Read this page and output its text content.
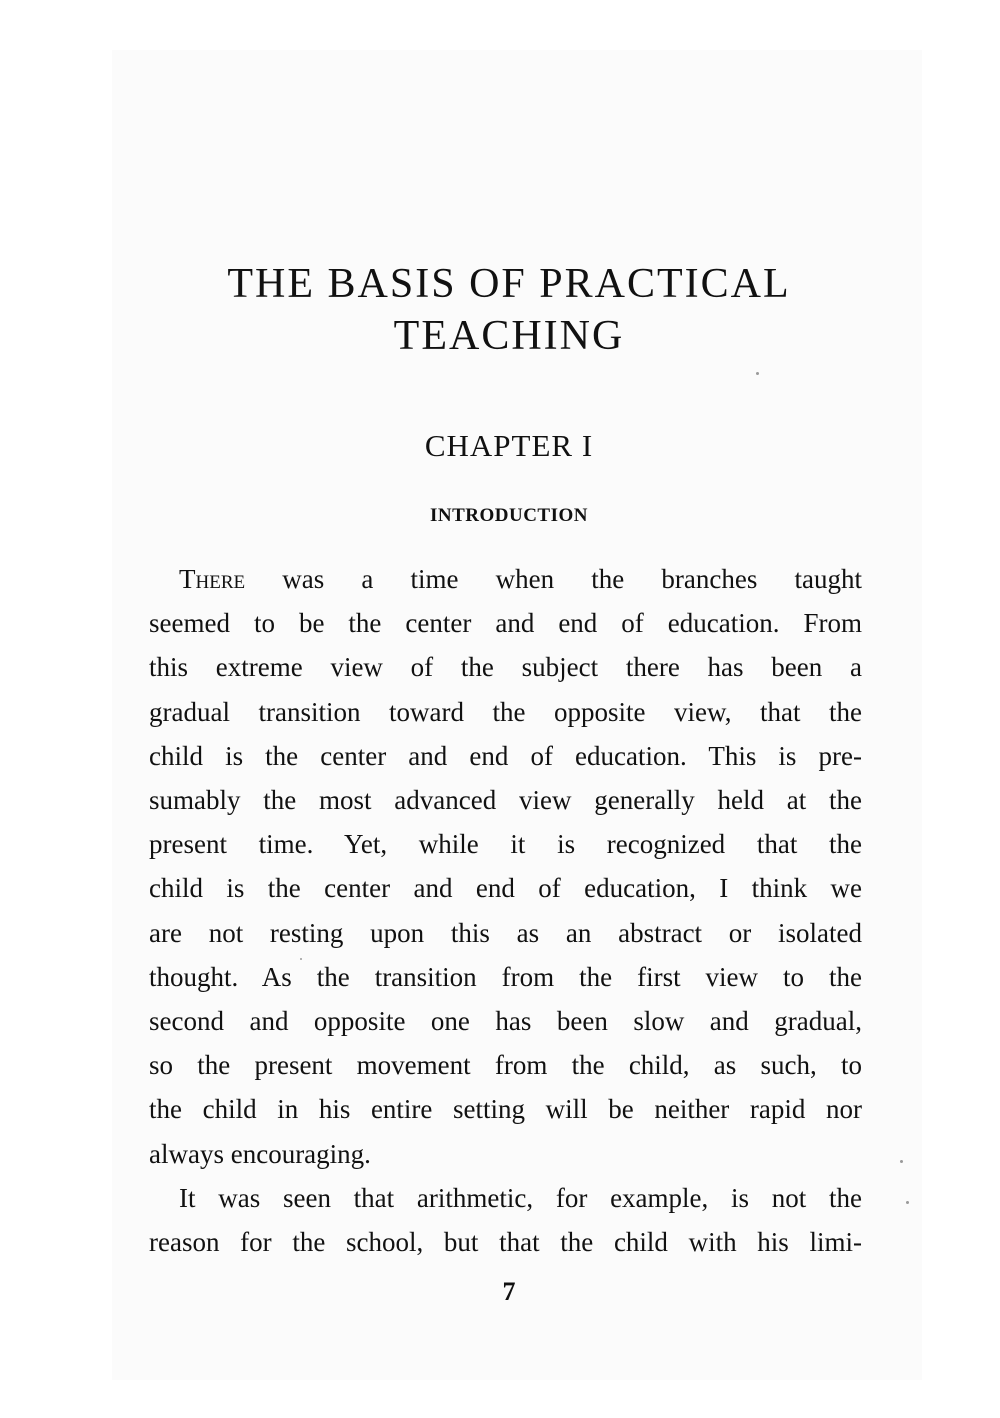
THE BASIS OF PRACTICAL
TEACHING
CHAPTER I
INTRODUCTION

There was a time when the branches taught
seemed to be the center and end of education. From
this extreme view of the subject there has been a
gradual transition toward the opposite view, that the
child is the center and end of education. This is pre-
sumably the most advanced view generally held at the
present time. Yet, while it is recognized that the
child is the center and end of education, I think we
are not resting upon this as an abstract or isolated
thought. As the transition from the first view to the
second and opposite one has been slow and gradual,
so the present movement from the child, as such, to
the child in his entire setting will be neither rapid nor
always encouraging.

It was seen that arithmetic, for example, is not the
reason for the school, but that the child with his limi-

7
